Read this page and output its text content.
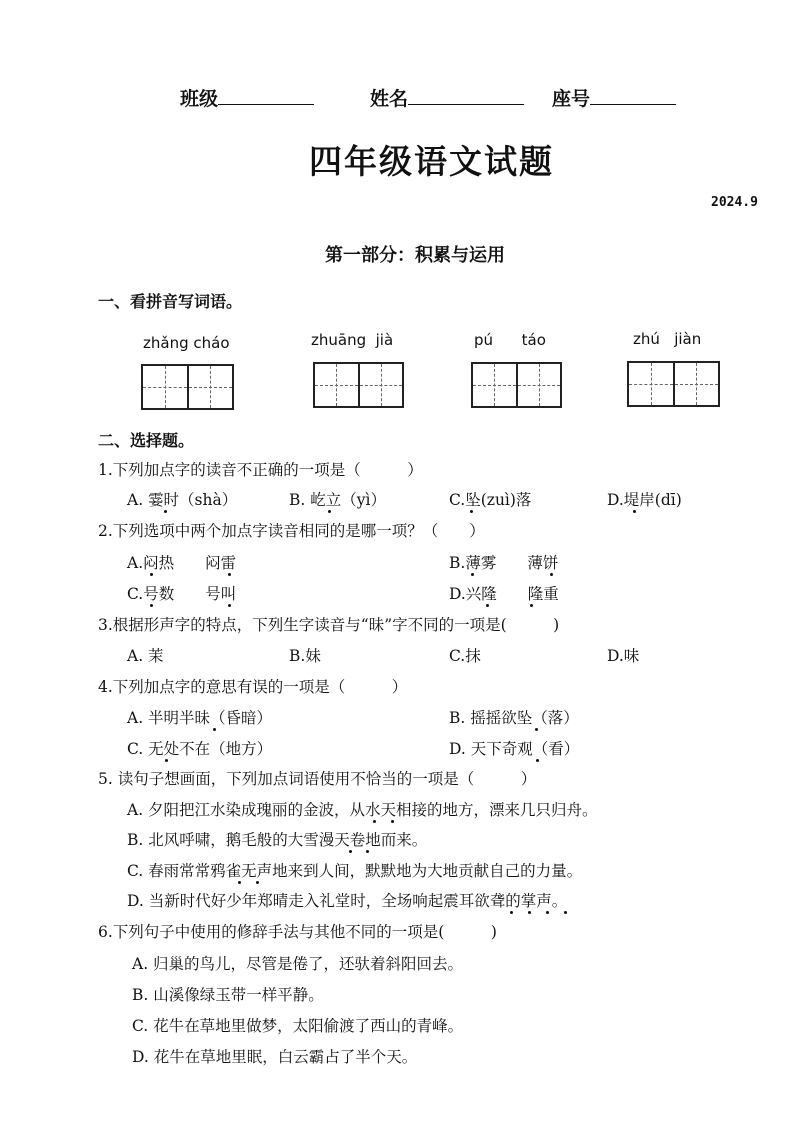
班级	姓名	座号
四年级语文试题
2024.9
第一部分：积累与运用
一、看拼音写词语。
zhǎng cháo	zhuāng  jià	pú      táo	zhú   jiàn
二、选择题。
1.下列加点字的读音不正确的一项是（　　　）
A. 霎时（shà）	B. 屹立（yì）	C.坠(zuì)落	D.堤岸(dī)
2.下列选项中两个加点字读音相同的是哪一项？（　　）
A.闷热　　闷雷	B.薄雾　　薄饼
C.号数　　号叫	D.兴隆　　隆重
3.根据形声字的特点，下列生字读音与“昧”字不同的一项是(　　　)
A. 茉	B.妹	C.抹	D.味
4.下列加点字的意思有误的一项是（　　　）
A. 半明半昧（昏暗）	B. 摇摇欲坠（落）
C. 无处不在（地方）	D. 天下奇观（看）
5. 读句子想画面，下列加点词语使用不恰当的一项是（　　　）
A. 夕阳把江水染成瑰丽的金波，从水天相接的地方，漂来几只归舟。
B. 北风呼啸，鹅毛般的大雪漫天卷地而来。
C. 春雨常常鸦雀无声地来到人间，默默地为大地贡献自己的力量。
D. 当新时代好少年郑晴走入礼堂时，全场响起震耳欲聋的掌声。
6.下列句子中使用的修辞手法与其他不同的一项是(　　　)
A. 归巢的鸟儿，尽管是倦了，还驮着斜阳回去。
B. 山溪像绿玉带一样平静。
C. 花牛在草地里做梦，太阳偷渡了西山的青峰。
D. 花牛在草地里眠，白云霸占了半个天。
